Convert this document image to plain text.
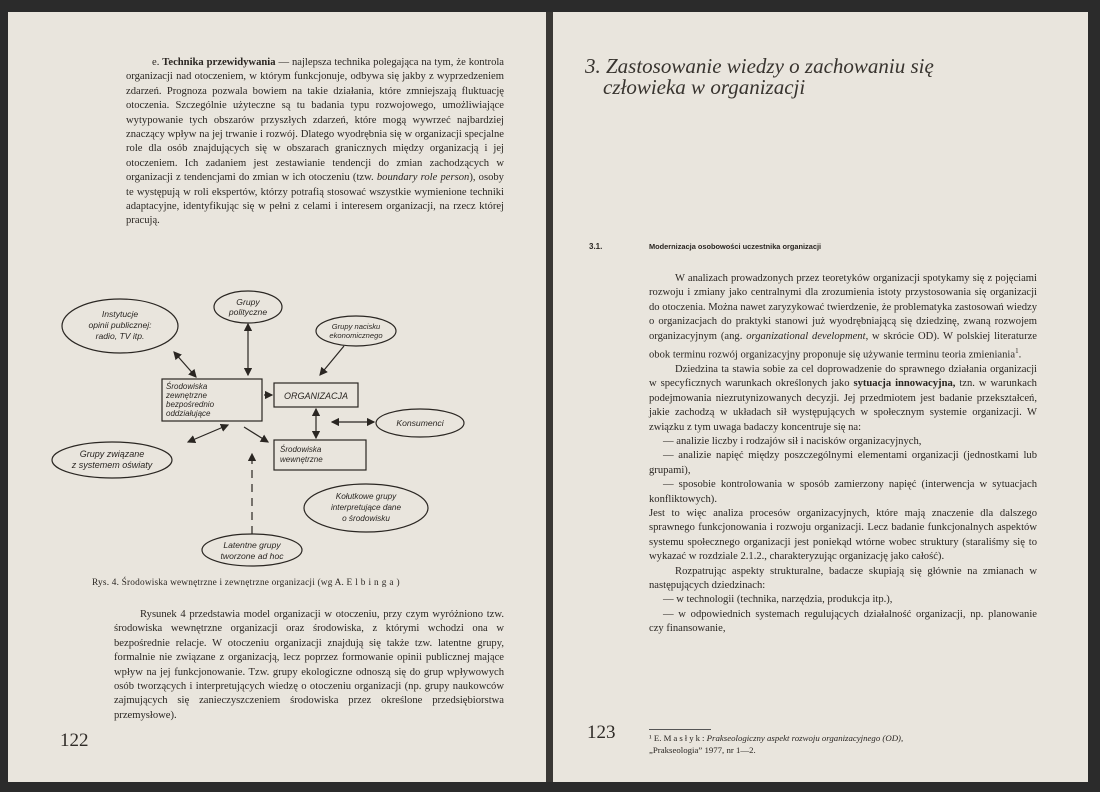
e. Technika przewidywania — najlepsza technika polegająca na tym, że kontrola organizacji nad otoczeniem, w którym funkcjonuje, odbywa się jakby z wyprzedzeniem zdarzeń. Prognoza pozwala bowiem na takie działania, które zmniejszają fluktuację otoczenia. Szczególnie użyteczne są tu badania typu rozwojowego, umożliwiające wytypowanie tych obszarów przyszłych zdarzeń, które mogą wywrzeć najbardziej znaczący wpływ na jej trwanie i rozwój. Dlatego wyodrębnia się w organizacji specjalne role dla osób znajdujących się w obszarach granicznych między organizacją i jej otoczeniem. Ich zadaniem jest zestawianie tendencji do zmian zachodzących w organizacji z tendencjami do zmian w ich otoczeniu (tzw. boundary role person), osoby te występują w roli ekspertów, którzy potrafią stosować wszystkie wymienione techniki adaptacyjne, identyfikując się w pełni z celami i interesem organizacji, na rzecz której pracują.

Instytucje
opinii publicznej:
radio, TV itp.
Grupy
polityczne
Grupy nacisku
ekonomicznego
Środowiska
zewnętrzne
bezpośrednio
oddziałujące
ORGANIZACJA
Konsumenci
Środowiska
wewnętrzne
Grupy związane
z systemem oświaty
Kołutkowe grupy
interpretujące dane
o środowisku
Latentne grupy
tworzone ad hoc
Rys. 4. Środowiska wewnętrzne i zewnętrzne organizacji (wg A. Elbinga)

Rysunek 4 przedstawia model organizacji w otoczeniu, przy czym wyróżniono tzw. środowiska wewnętrzne organizacji oraz środowiska, z którymi wchodzi ona w bezpośrednie relacje. W otoczeniu organizacji znajdują się także tzw. latentne grupy, formalnie nie związane z organizacją, lecz poprzez formowanie opinii publicznej mające wpływ na jej funkcjonowanie. Tzw. grupy ekologiczne odnoszą się do grup wpływowych osób tworzących i interpretujących wiedzę o otoczeniu organizacji (np. grupy naukowców zajmujących się zanieczyszczeniem środowiska przez określone przedsiębiorstwa przemysłowe).

122
3. Zastosowanie wiedzy o zachowaniu się
człowieka w organizacji
3.1.	Modernizacja osobowości uczestnika organizacji

W analizach prowadzonych przez teoretyków organizacji spotykamy się z pojęciami rozwoju i zmiany jako centralnymi dla zrozumienia istoty przystosowania się organizacji do otoczenia. Można nawet zaryzykować twierdzenie, że problematyka zastosowań wiedzy o organizacjach do praktyki stanowi już wyodrębniającą się dziedzinę, zwaną rozwojem organizacyjnym (ang. organizational development, w skrócie OD). W polskiej literaturze obok terminu rozwój organizacyjny proponuje się używanie terminu teoria zmieniania$^1$.

Dziedzina ta stawia sobie za cel doprowadzenie do sprawnego działania organizacji w specyficznych warunkach określonych jako sytuacja innowacyjna, tzn. w warunkach podejmowania niezrutynizowanych decyzji. Jej przedmiotem jest badanie przekształceń, jakie zachodzą w układach sił występujących w społecznym systemie organizacji. W związku z tym uwaga badaczy koncentruje się na:

— analizie liczby i rodzajów sił i nacisków organizacyjnych,

— analizie napięć między poszczególnymi elementami organizacji (jednostkami lub grupami),

— sposobie kontrolowania w sposób zamierzony napięć (interwencja w sytuacjach konfliktowych).

Jest to więc analiza procesów organizacyjnych, które mają znaczenie dla dalszego sprawnego funkcjonowania i rozwoju organizacji. Lecz badanie funkcjonalnych aspektów systemu społecznego organizacji jest poniekąd wtórne wobec struktury (staraliśmy się to wykazać w rozdziale 2.1.2., charakteryzując organizację jako całość).

Rozpatrując aspekty strukturalne, badacze skupiają się głównie na zmianach w następujących dziedzinach:

— w technologii (technika, narzędzia, produkcja itp.),

— w odpowiednich systemach regulujących działalność organizacji, np. planowanie czy finansowanie,

¹ E. Masłyk: Prakseologiczny aspekt rozwoju organizacyjnego (OD),
„Prakseologia” 1977, nr 1—2.
123
